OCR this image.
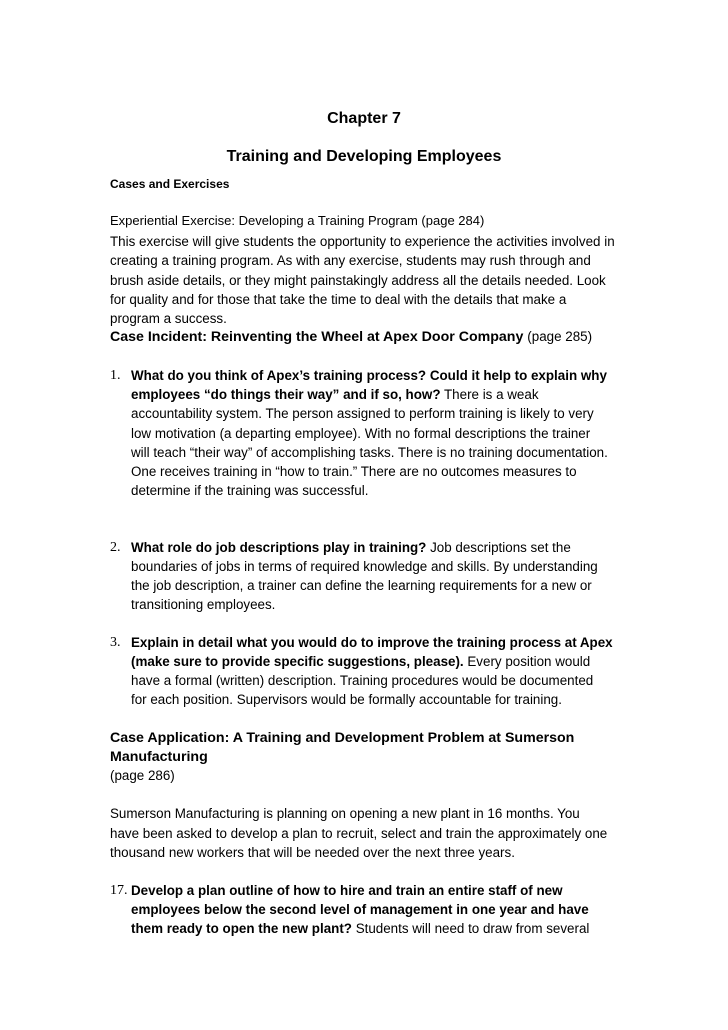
Chapter 7
Training and Developing Employees
Cases and Exercises
Experiential Exercise: Developing a Training Program (page 284)
This exercise will give students the opportunity to experience the activities involved in
creating a training program. As with any exercise, students may rush through and
brush aside details, or they might painstakingly address all the details needed. Look
for quality and for those that take the time to deal with the details that make a
program a success.
Case Incident: Reinventing the Wheel at Apex Door Company (page 285)
1. What do you think of Apex’s training process? Could it help to explain why
employees “do things their way” and if so, how? There is a weak
accountability system. The person assigned to perform training is likely to very
low motivation (a departing employee). With no formal descriptions the trainer
will teach “their way” of accomplishing tasks. There is no training documentation.
One receives training in “how to train.” There are no outcomes measures to
determine if the training was successful.
2. What role do job descriptions play in training? Job descriptions set the
boundaries of jobs in terms of required knowledge and skills. By understanding
the job description, a trainer can define the learning requirements for a new or
transitioning employees.
3. Explain in detail what you would do to improve the training process at Apex
(make sure to provide specific suggestions, please). Every position would
have a formal (written) description. Training procedures would be documented
for each position. Supervisors would be formally accountable for training.
Case Application: A Training and Development Problem at Sumerson
Manufacturing
(page 286)
Sumerson Manufacturing is planning on opening a new plant in 16 months. You
have been asked to develop a plan to recruit, select and train the approximately one
thousand new workers that will be needed over the next three years.
17. Develop a plan outline of how to hire and train an entire staff of new
employees below the second level of management in one year and have
them ready to open the new plant? Students will need to draw from several
